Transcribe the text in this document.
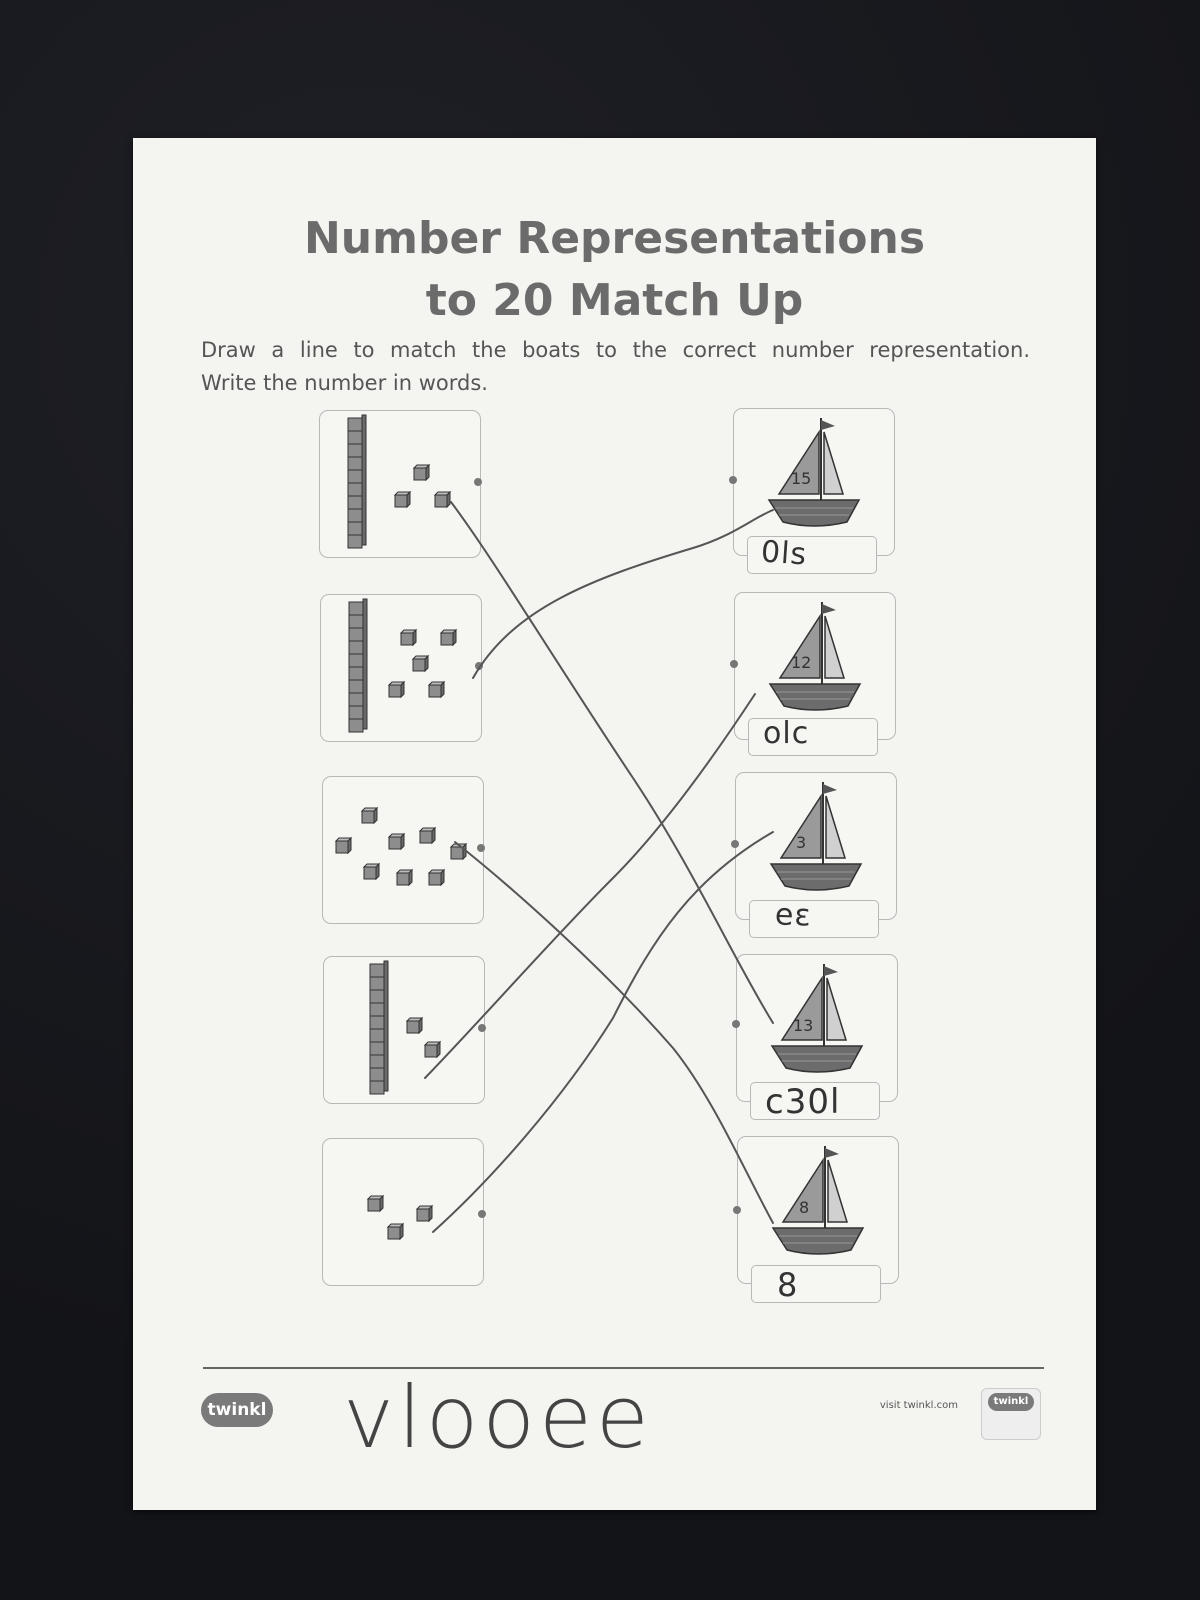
Number Representations
to 20 Match Up
Draw a line to match the boats to the correct number representation.
Write the number in words.
0ls
olc
eɛ
c30l
8
15
12
3
13
8
twinkl vlooee	visit twinkl.com	twinkl
